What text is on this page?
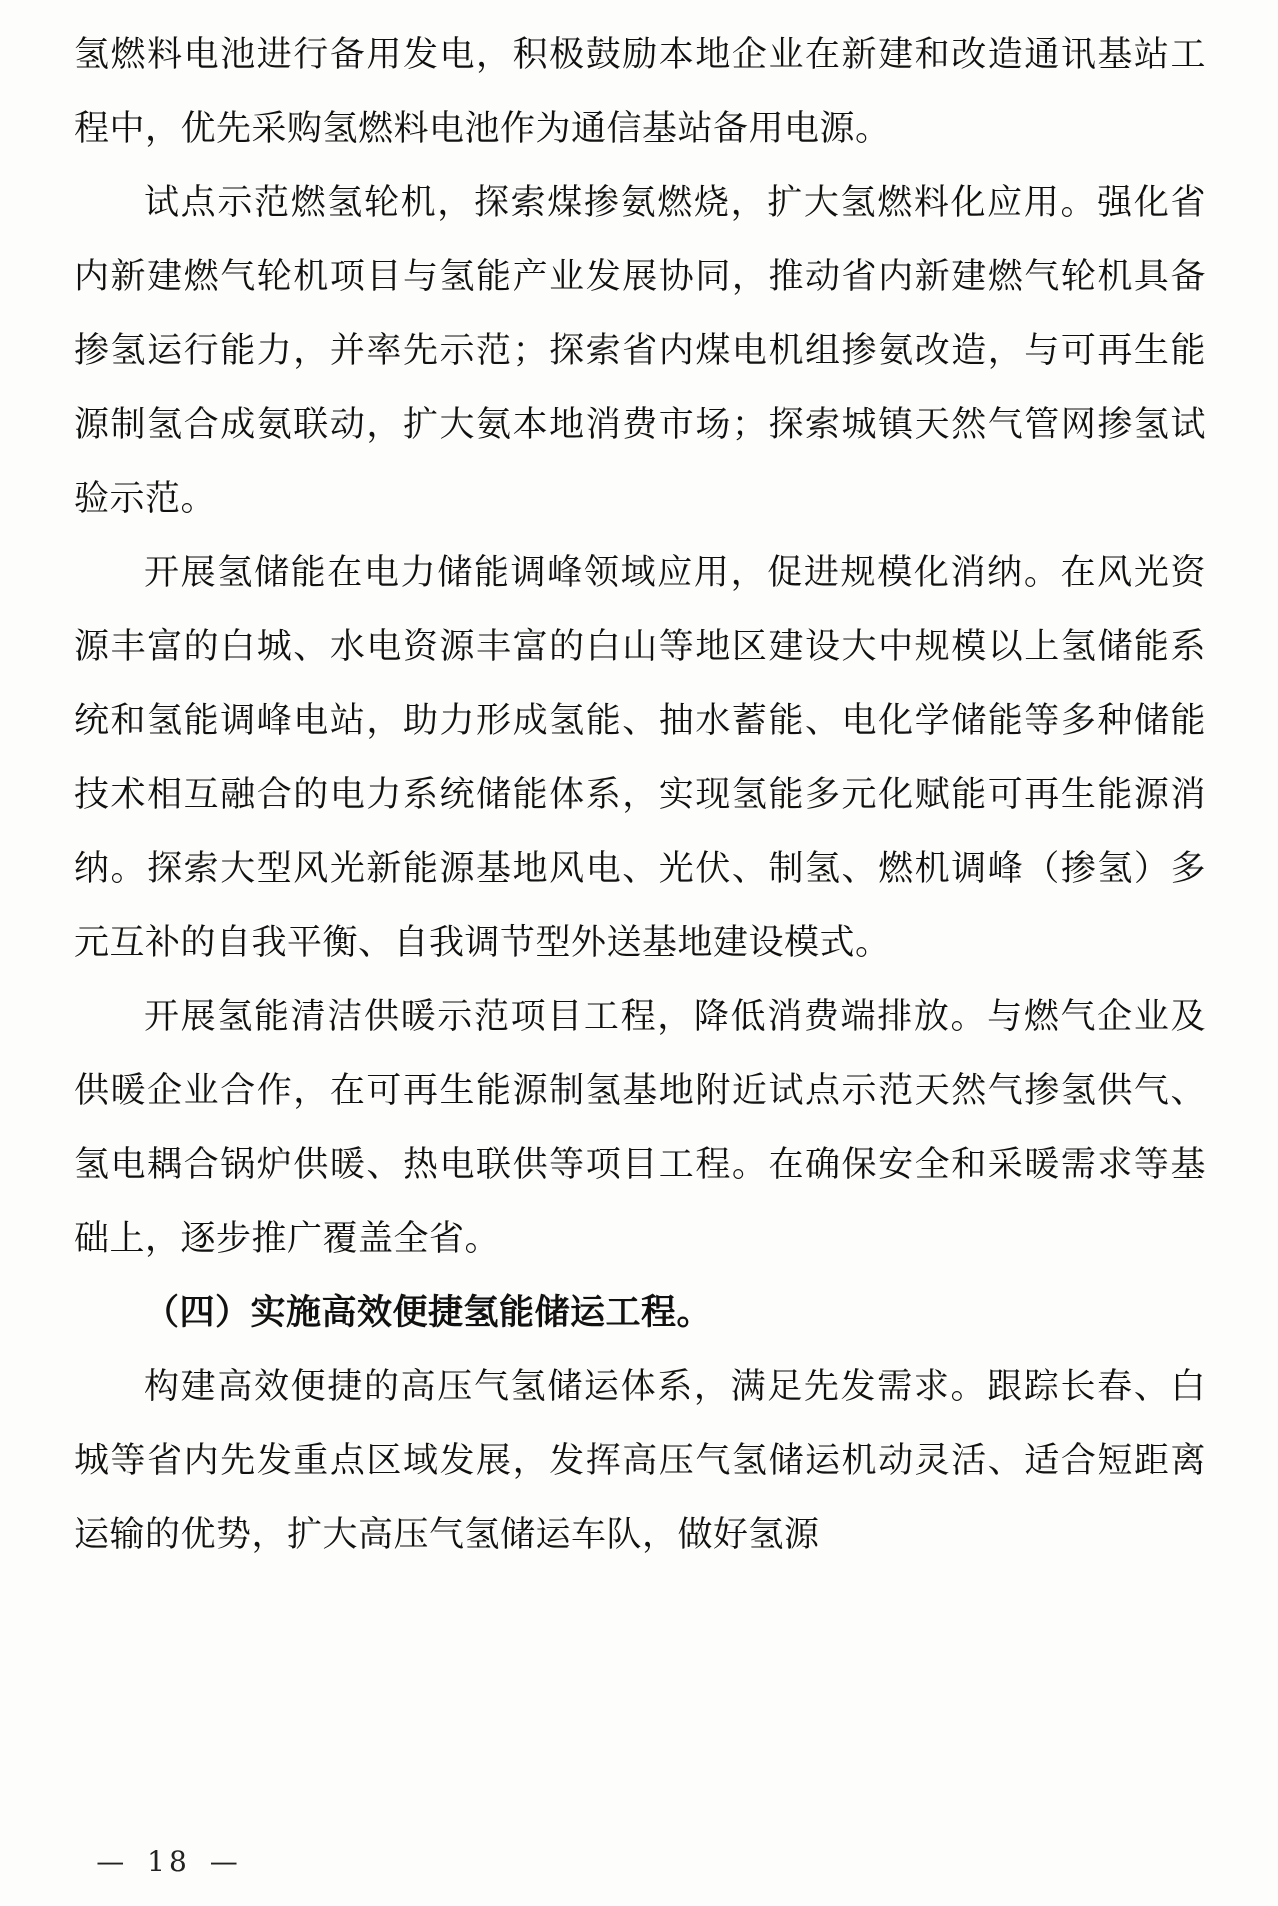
氢燃料电池进行备用发电，积极鼓励本地企业在新建和改造通讯基站工程中，优先采购氢燃料电池作为通信基站备用电源。

试点示范燃氢轮机，探索煤掺氨燃烧，扩大氢燃料化应用。强化省内新建燃气轮机项目与氢能产业发展协同，推动省内新建燃气轮机具备掺氢运行能力，并率先示范；探索省内煤电机组掺氨改造，与可再生能源制氢合成氨联动，扩大氨本地消费市场；探索城镇天然气管网掺氢试验示范。

开展氢储能在电力储能调峰领域应用，促进规模化消纳。在风光资源丰富的白城、水电资源丰富的白山等地区建设大中规模以上氢储能系统和氢能调峰电站，助力形成氢能、抽水蓄能、电化学储能等多种储能技术相互融合的电力系统储能体系，实现氢能多元化赋能可再生能源消纳。探索大型风光新能源基地风电、光伏、制氢、燃机调峰（掺氢）多元互补的自我平衡、自我调节型外送基地建设模式。

开展氢能清洁供暖示范项目工程，降低消费端排放。与燃气企业及供暖企业合作，在可再生能源制氢基地附近试点示范天然气掺氢供气、氢电耦合锅炉供暖、热电联供等项目工程。在确保安全和采暖需求等基础上，逐步推广覆盖全省。

（四）实施高效便捷氢能储运工程。

构建高效便捷的高压气氢储运体系，满足先发需求。跟踪长春、白城等省内先发重点区域发展，发挥高压气氢储运机动灵活、适合短距离运输的优势，扩大高压气氢储运车队，做好氢源

— 18 —
